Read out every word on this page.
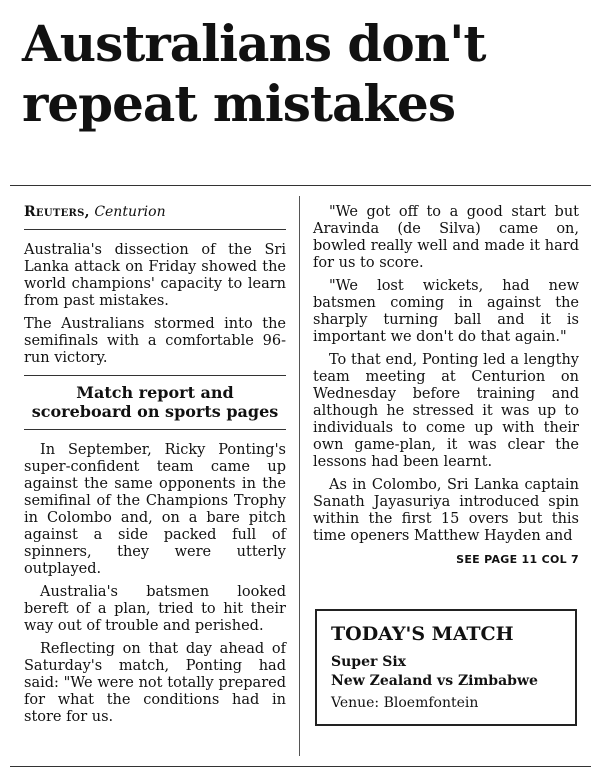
Australians don't repeat mistakes
Reuters, Centurion

Australia's dissection of the Sri Lanka attack on Friday showed the world champions' capacity to learn from past mistakes.

The Australians stormed into the semifinals with a comfortable 96-run victory.

Match report and scoreboard on sports pages

In September, Ricky Ponting's super-confident team came up against the same opponents in the semifinal of the Champions Trophy in Colombo and, on a bare pitch against a side packed full of spinners, they were utterly outplayed.

Australia's batsmen looked bereft of a plan, tried to hit their way out of trouble and perished.

Reflecting on that day ahead of Saturday's match, Ponting had said: "We were not totally prepared for what the conditions had in store for us.

"We got off to a good start but Aravinda (de Silva) came on, bowled really well and made it hard for us to score.

"We lost wickets, had new batsmen coming in against the sharply turning ball and it is important we don't do that again."

To that end, Ponting led a lengthy team meeting at Centurion on Wednesday before training and although he stressed it was up to individuals to come up with their own game-plan, it was clear the lessons had been learnt.

As in Colombo, Sri Lanka captain Sanath Jayasuriya introduced spin within the first 15 overs but this time openers Matthew Hayden and

SEE PAGE 11 COL 7
TODAY'S MATCH
Super Six
New Zealand vs Zimbabwe
Venue: Bloemfontein
